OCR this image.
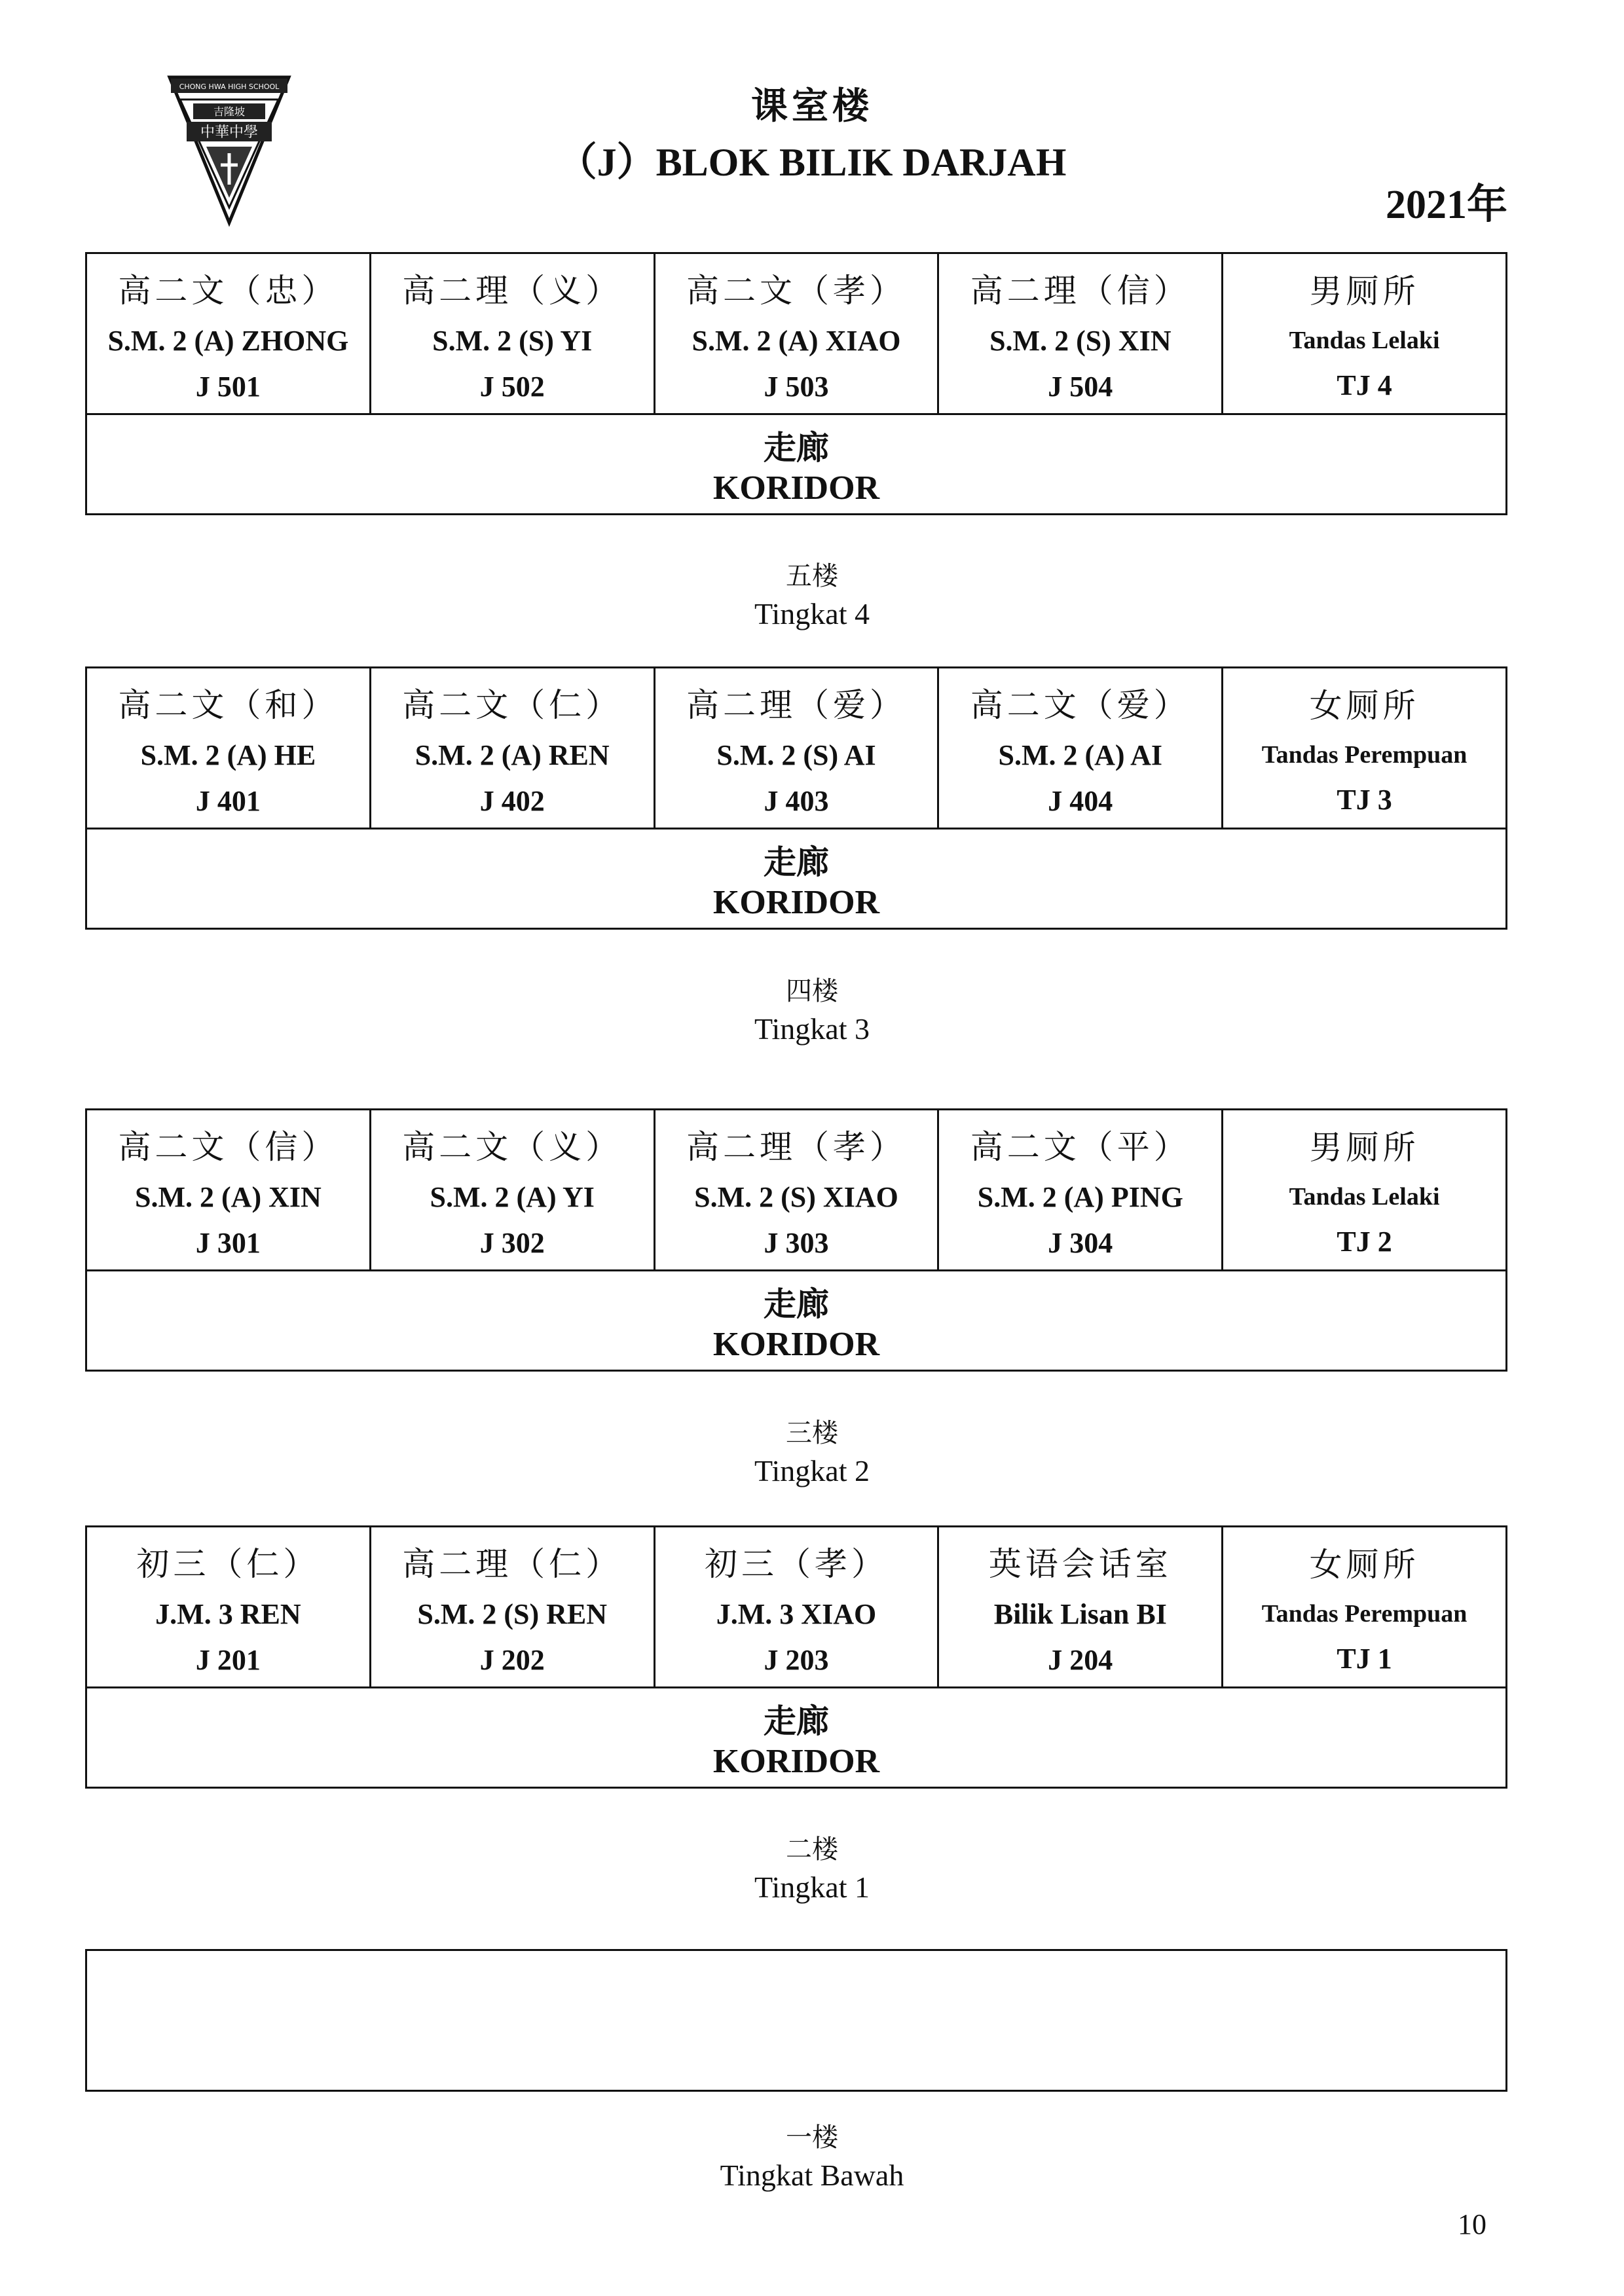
CHONG HWA HIGH SCHOOL
吉隆坡
中華中學
课室楼
（J）BLOK BILIK DARJAH
2021年
高二文（忠）
S.M. 2 (A) ZHONG
J 501
高二理（义）
S.M. 2 (S) YI
J 502
高二文（孝）
S.M. 2 (A) XIAO
J 503
高二理（信）
S.M. 2 (S) XIN
J 504
男厕所
Tandas Lelaki
TJ 4
走廊
KORIDOR
五楼
Tingkat 4
高二文（和）
S.M. 2 (A) HE
J 401
高二文（仁）
S.M. 2 (A) REN
J 402
高二理（爱）
S.M. 2 (S) AI
J 403
高二文（爱）
S.M. 2 (A) AI
J 404
女厕所
Tandas Perempuan
TJ 3
走廊
KORIDOR
四楼
Tingkat 3
高二文（信）
S.M. 2 (A) XIN
J 301
高二文（义）
S.M. 2 (A) YI
J 302
高二理（孝）
S.M. 2 (S) XIAO
J 303
高二文（平）
S.M. 2 (A) PING
J 304
男厕所
Tandas Lelaki
TJ 2
走廊
KORIDOR
三楼
Tingkat 2
初三（仁）
J.M. 3 REN
J 201
高二理（仁）
S.M. 2 (S) REN
J 202
初三（孝）
J.M. 3 XIAO
J 203
英语会话室
Bilik Lisan BI
J 204
女厕所
Tandas Perempuan
TJ 1
走廊
KORIDOR
二楼
Tingkat 1
一楼
Tingkat Bawah
10
